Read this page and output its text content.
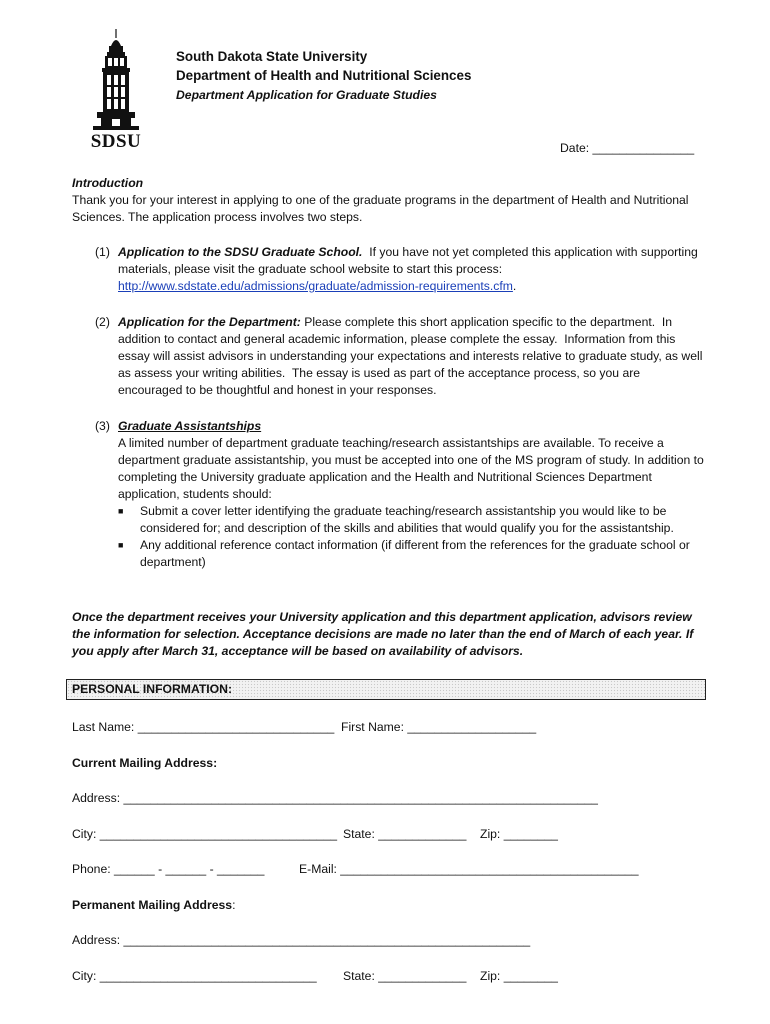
SDSU
South Dakota State University
Department of Health and Nutritional Sciences
Department Application for Graduate Studies
Date: _______________
Introduction
Thank you for your interest in applying to one of the graduate programs in the department of Health and Nutritional Sciences. The application process involves two steps.
(1) Application to the SDSU Graduate School.  If you have not yet completed this application with supporting materials, please visit the graduate school website to start this process: http://www.sdstate.edu/admissions/graduate/admission-requirements.cfm.
(2) Application for the Department: Please complete this short application specific to the department.  In addition to contact and general academic information, please complete the essay.  Information from this essay will assist advisors in understanding your expectations and interests relative to graduate study, as well as assess your writing abilities.  The essay is used as part of the acceptance process, so you are encouraged to be thoughtful and honest in your responses.
(3) Graduate Assistantships
A limited number of department graduate teaching/research assistantships are available. To receive a department graduate assistantship, you must be accepted into one of the MS program of study. In addition to completing the University graduate application and the Health and Nutritional Sciences Department application, students should:
■ Submit a cover letter identifying the graduate teaching/research assistantship you would like to be considered for; and description of the skills and abilities that would qualify you for the assistantship.
■ Any additional reference contact information (if different from the references for the graduate school or department)
Once the department receives your University application and this department application, advisors review the information for selection. Acceptance decisions are made no later than the end of March of each year. If you apply after March 31, acceptance will be based on availability of advisors.
PERSONAL INFORMATION:
Last Name: _____________________________ First Name: ___________________
Current Mailing Address:
Address: ______________________________________________________________________
City: ___________________________________ State: _____________ Zip: ________
Phone: ______ - ______ - _______	E-Mail: ____________________________________________
Permanent Mailing Address:
Address: ____________________________________________________________
City: ________________________________ State: _____________ Zip: ________
